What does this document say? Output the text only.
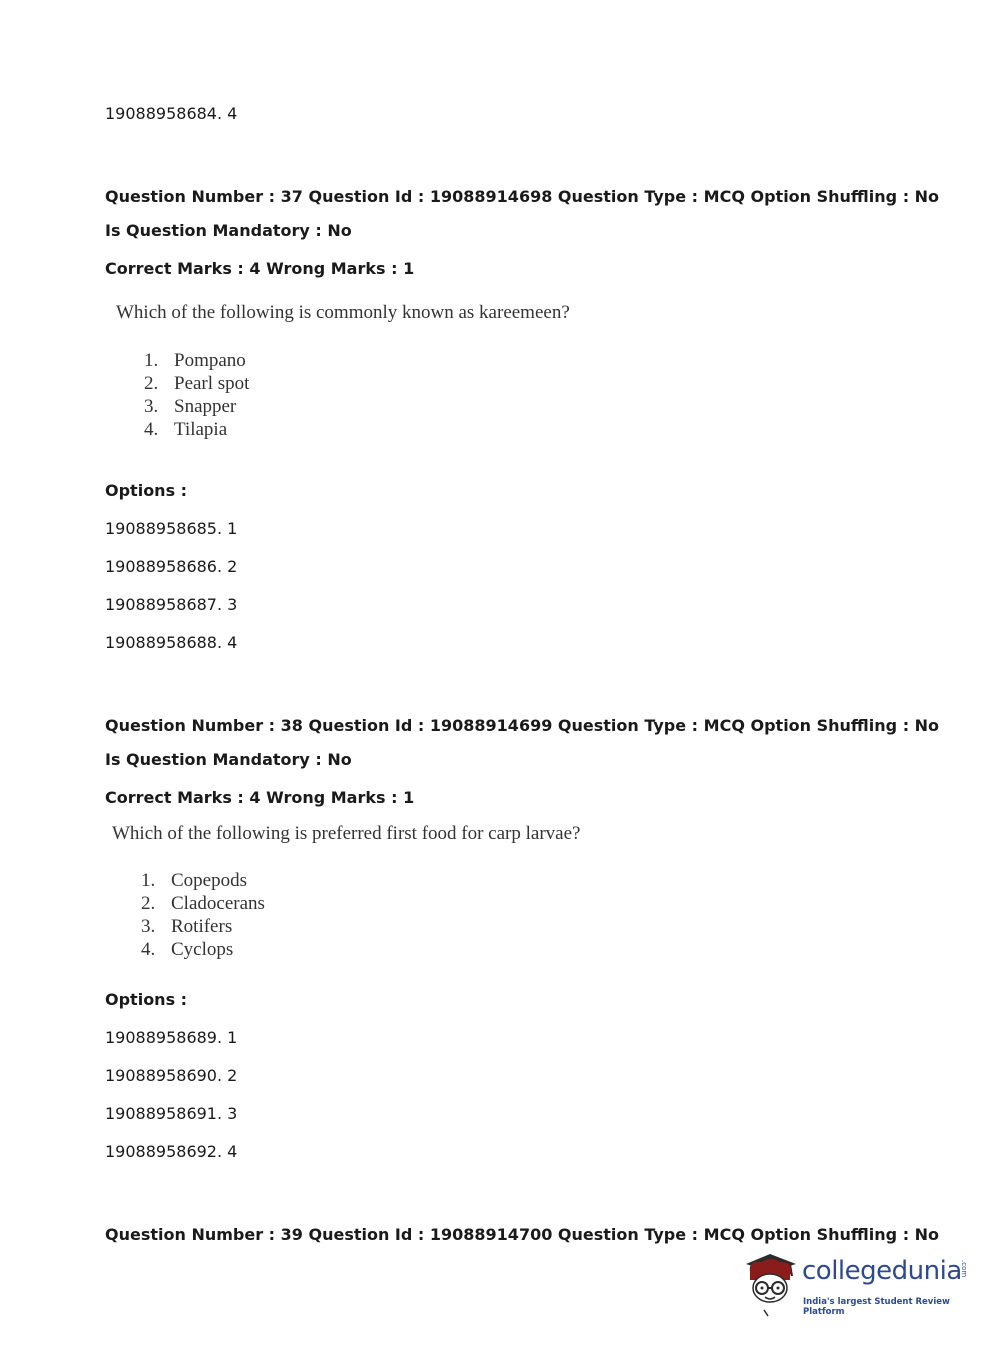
19088958684. 4
Question Number : 37 Question Id : 19088914698 Question Type : MCQ Option Shuffling : No
Is Question Mandatory : No
Correct Marks : 4 Wrong Marks : 1
Which of the following is commonly known as kareemeen?
1. Pompano
2. Pearl spot
3. Snapper
4. Tilapia
Options :
19088958685. 1
19088958686. 2
19088958687. 3
19088958688. 4
Question Number : 38 Question Id : 19088914699 Question Type : MCQ Option Shuffling : No
Is Question Mandatory : No
Correct Marks : 4 Wrong Marks : 1
Which of the following is preferred first food for carp larvae?
1. Copepods
2. Cladocerans
3. Rotifers
4. Cyclops
Options :
19088958689. 1
19088958690. 2
19088958691. 3
19088958692. 4
Question Number : 39 Question Id : 19088914700 Question Type : MCQ Option Shuffling : No
collegedunia
.com
India's largest Student Review Platform
